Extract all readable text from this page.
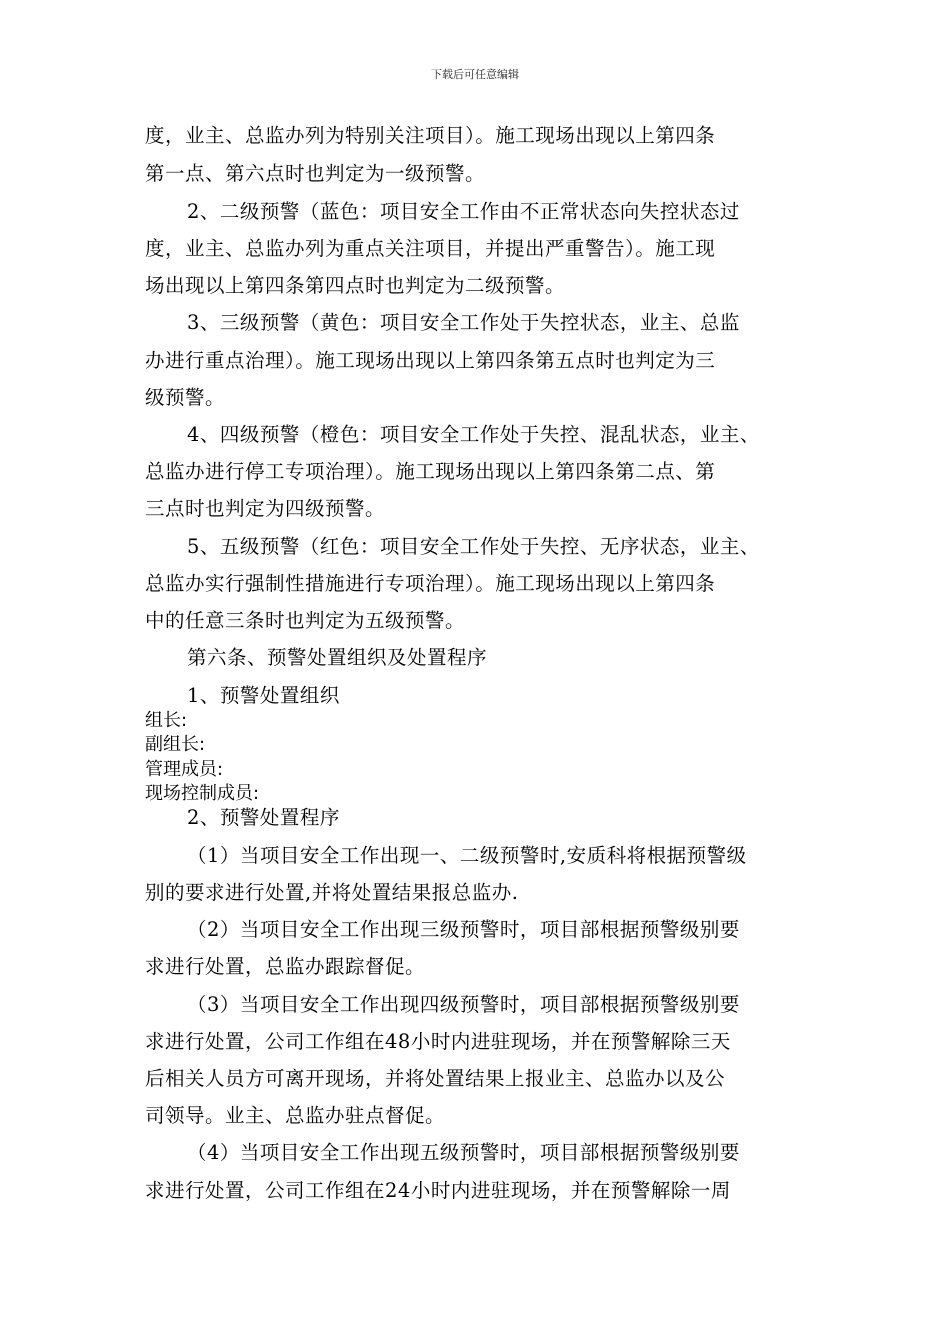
下载后可任意编辑
度，业主、总监办列为特别关注项目）。施工现场出现以上第四条
第一点、第六点时也判定为一级预警。
2、二级预警（蓝色：项目安全工作由不正常状态向失控状态过
度，业主、总监办列为重点关注项目，并提出严重警告）。施工现
场出现以上第四条第四点时也判定为二级预警。
3、三级预警（黄色：项目安全工作处于失控状态，业主、总监
办进行重点治理）。施工现场出现以上第四条第五点时也判定为三
级预警。
4、四级预警（橙色：项目安全工作处于失控、混乱状态，业主、
总监办进行停工专项治理）。施工现场出现以上第四条第二点、第
三点时也判定为四级预警。
5、五级预警（红色：项目安全工作处于失控、无序状态，业主、
总监办实行强制性措施进行专项治理）。施工现场出现以上第四条
中的任意三条时也判定为五级预警。
第六条、预警处置组织及处置程序
1、预警处置组织
组长:
副组长:
管理成员:
现场控制成员:
2、预警处置程序
（1）当项目安全工作出现一、二级预警时,安质科将根据预警级
别的要求进行处置,并将处置结果报总监办.
（2）当项目安全工作出现三级预警时，项目部根据预警级别要
求进行处置，总监办跟踪督促。
（3）当项目安全工作出现四级预警时，项目部根据预警级别要
求进行处置，公司工作组在48小时内进驻现场，并在预警解除三天
后相关人员方可离开现场，并将处置结果上报业主、总监办以及公
司领导。业主、总监办驻点督促。
（4）当项目安全工作出现五级预警时，项目部根据预警级别要
求进行处置，公司工作组在24小时内进驻现场，并在预警解除一周
